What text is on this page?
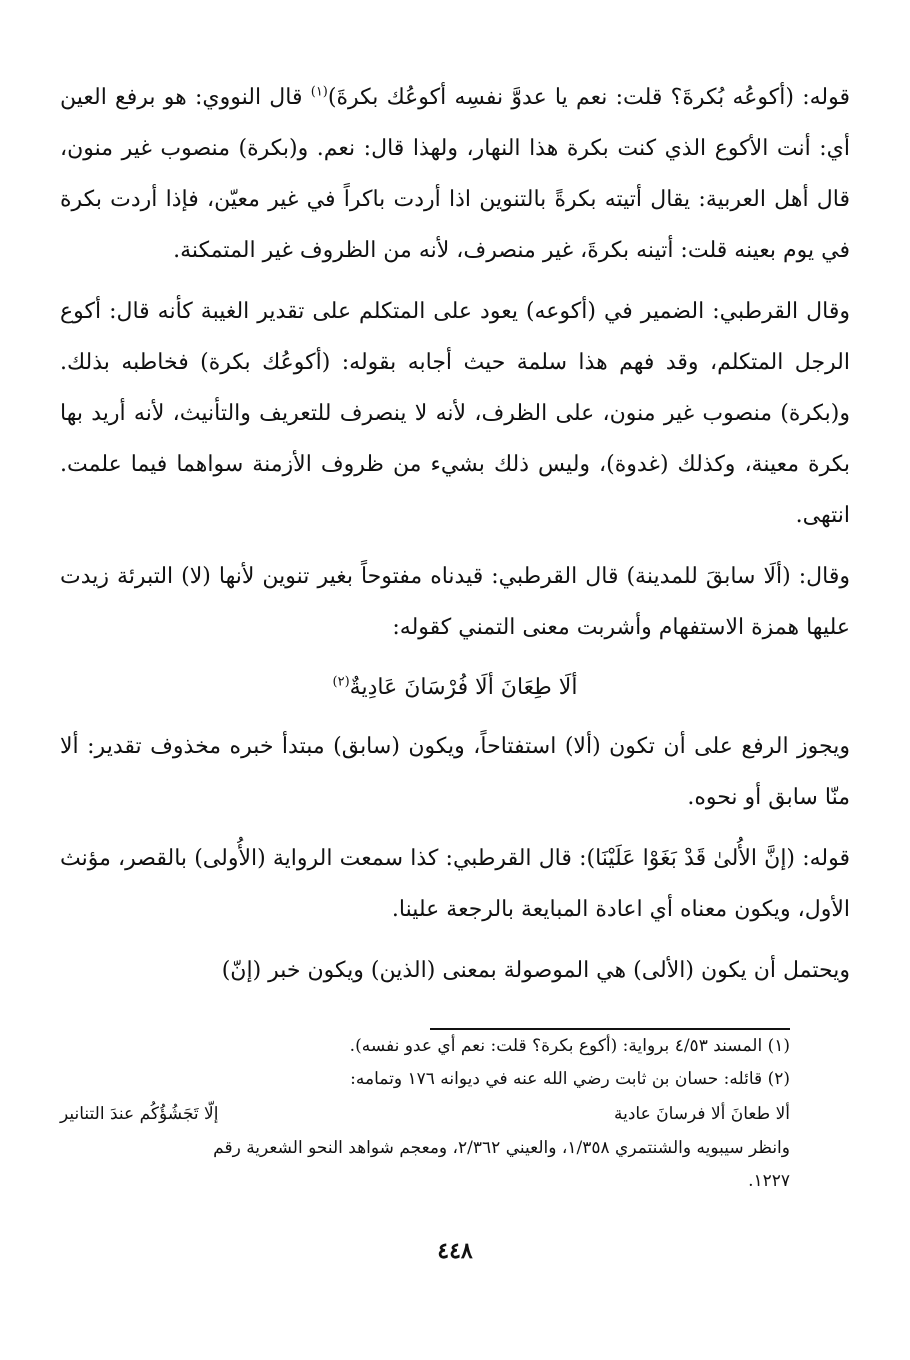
قوله: (أكوعُه بُكرةَ؟ قلت: نعم يا عدوَّ نفسِه أكوعُك بكرةَ)$^{(١)}$ قال النووي: هو برفع العين أي: أنت الأكوع الذي كنت بكرة هذا النهار، ولهذا قال: نعم. و(بكرة) منصوب غير منون، قال أهل العربية: يقال أتيته بكرةً بالتنوين اذا أردت باكراً في غير معيّن، فإذا أردت بكرة في يوم بعينه قلت: أتينه بكرةَ، غير منصرف، لأنه من الظروف غير المتمكنة.

وقال القرطبي: الضمير في (أكوعه) يعود على المتكلم على تقدير الغيبة كأنه قال: أكوع الرجل المتكلم، وقد فهم هذا سلمة حيث أجابه بقوله: (أكوعُك بكرة) فخاطبه بذلك. و(بكرة) منصوب غير منون، على الظرف، لأنه لا ينصرف للتعريف والتأنيث، لأنه أريد بها بكرة معينة، وكذلك (غدوة)، وليس ذلك بشيء من ظروف الأزمنة سواهما فيما علمت. انتهى.

وقال: (ألَا سابقَ للمدينة) قال القرطبي: قيدناه مفتوحاً بغير تنوين لأنها (لا) التبرئة زيدت عليها همزة الاستفهام وأشربت معنى التمني كقوله:

ألَا طِعَانَ ألَا فُرْسَانَ عَادِيةٌ$^{(٢)}$

ويجوز الرفع على أن تكون (ألا) استفتاحاً، ويكون (سابق) مبتدأ خبره مخذوف تقدير: ألا منّا سابق أو نحوه.

قوله: (إنَّ الأُلىٰ قَدْ بَغَوْا عَلَيْنَا): قال القرطبي: كذا سمعت الرواية (الأُولى) بالقصر، مؤنث الأول، ويكون معناه أي اعادة المبايعة بالرجعة علينا.

ويحتمل أن يكون (الألى) هي الموصولة بمعنى (الذين) ويكون خبر (إنّ)

(١) المسند ٤/٥٣ برواية: (أكوع بكرة؟ قلت: نعم أي عدو نفسه).
(٢) قائله: حسان بن ثابت رضي الله عنه في ديوانه ١٧٦ وتمامه:
ألا طعانَ ألا فرسانَ عادية
إلّا تَجَشُؤُكُم عندَ التنانير
وانظر سيبويه والشنتمري ١/٣٥٨، والعيني ٢/٣٦٢، ومعجم شواهد النحو الشعرية رقم
١٢٢٧.
٤٤٨
